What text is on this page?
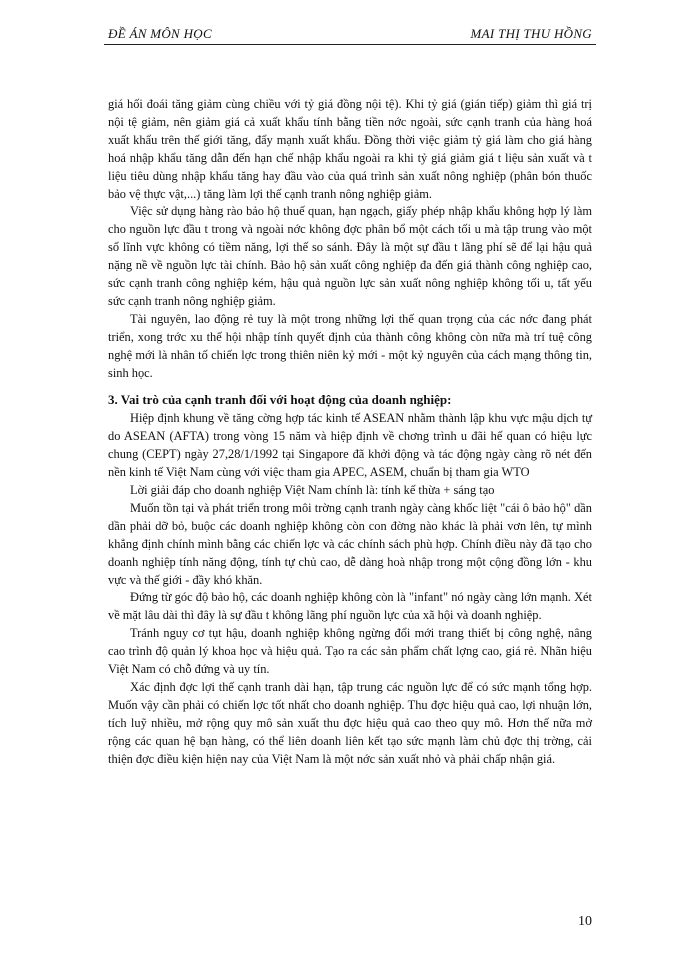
ĐỀ ÁN MÔN HỌC	MAI THỊ THU HỒNG

giá hối đoái tăng giảm cùng chiều với tỷ giá đồng nội tệ). Khi tỷ giá (gián tiếp) giảm thì giá trị nội tệ giảm, nên giảm giá cả xuất khẩu tính bằng tiền nớc ngoài, sức cạnh tranh của hàng hoá xuất khẩu trên thế giới tăng, đẩy mạnh xuất khẩu. Đồng thời việc giảm tỷ giá làm cho giá hàng hoá nhập khẩu tăng dẫn đến hạn chế nhập khẩu ngoài ra khi tỷ giá giảm giá t liệu sản xuất và t liệu tiêu dùng nhập khẩu tăng hay đầu vào của quá trình sản xuất nông nghiệp (phân bón thuốc bảo vệ thực vật,...) tăng làm lợi thế cạnh tranh nông nghiệp giảm.

Việc sử dụng hàng rào bảo hộ thuế quan, hạn ngạch, giấy phép nhập khẩu không hợp lý làm cho nguồn lực đầu t trong và ngoài nớc không đợc phân bổ một cách tối u mà tập trung vào một số lĩnh vực không có tiềm năng, lợi thế so sánh. Đây là một sự đầu t lãng phí sẽ để lại hậu quả nặng nề về nguồn lực tài chính. Bảo hộ sản xuất công nghiệp đa đến giá thành công nghiệp cao, sức cạnh tranh công nghiệp kém, hậu quả nguồn lực sản xuất nông nghiệp không tối u, tất yếu sức cạnh tranh nông nghiệp giảm.

Tài nguyên, lao động rẻ tuy là một trong những lợi thế quan trọng của các nớc đang phát triển, xong trớc xu thế hội nhập tính quyết định của thành công không còn nữa mà trí tuệ công nghệ mới là nhân tố chiến lợc trong thiên niên kỷ mới - một kỷ nguyên của cách mạng thông tin, sinh học.

3. Vai trò của cạnh tranh đối với hoạt động của doanh nghiệp:

Hiệp định khung về tăng cờng hợp tác kinh tế ASEAN nhằm thành lập khu vực mậu dịch tự do ASEAN (AFTA) trong vòng 15 năm và hiệp định về chơng trình u đãi hế quan có hiệu lực chung (CEPT) ngày 27,28/1/1992 tại Singapore đã khởi động và tác động ngày càng rõ nét đến nền kinh tế Việt Nam cùng với việc tham gia APEC, ASEM, chuẩn bị tham gia WTO

Lời giải đáp cho doanh nghiệp Việt Nam chính là: tính kế thừa + sáng tạo

Muốn tồn tại và phát triển trong môi trờng cạnh tranh ngày càng khốc liệt "cái ô bảo hộ" dần dần phải dỡ bỏ, buộc các doanh nghiệp không còn con đờng nào khác là phải vơn lên, tự mình khẳng định chính mình bằng các chiến lợc và các chính sách phù hợp. Chính điều này đã tạo cho doanh nghiệp tính năng động, tính tự chủ cao, dễ dàng hoà nhập trong một cộng đồng lớn - khu vực và thế giới - đầy khó khăn.

Đứng từ góc độ bảo hộ, các doanh nghiệp không còn là "infant" nó ngày càng lớn mạnh. Xét về mặt lâu dài thì đây là sự đầu t không lãng phí nguồn lực của xã hội và doanh nghiệp.

Tránh nguy cơ tụt hậu, doanh nghiệp không ngừng đổi mới trang thiết bị công nghệ, nâng cao trình độ quản lý khoa học và hiệu quả. Tạo ra các sản phẩm chất lợng cao, giá rẻ. Nhãn hiệu Việt Nam có chỗ đứng và uy tín.

Xác định đợc lợi thế cạnh tranh dài hạn, tập trung các nguồn lực để có sức mạnh tổng hợp. Muốn vậy cần phải có chiến lợc tốt nhất cho doanh nghiệp. Thu đợc hiệu quả cao, lợi nhuận lớn, tích luỹ nhiều, mở rộng quy mô sản xuất thu đợc hiệu quả cao theo quy mô. Hơn thế nữa mở rộng các quan hệ bạn hàng, có thể liên doanh liên kết tạo sức mạnh làm chủ đợc thị trờng, cải thiện đợc điều kiện hiện nay của Việt Nam là một nớc sản xuất nhỏ và phải chấp nhận giá.

10
